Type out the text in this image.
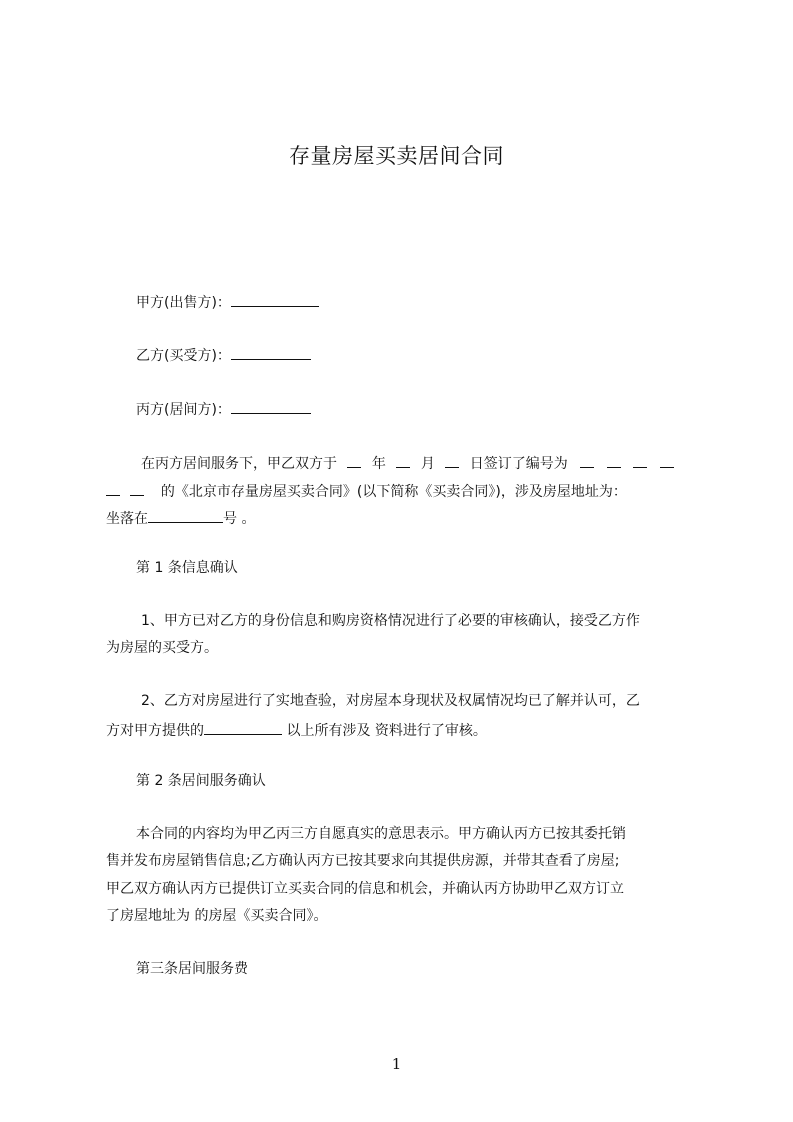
存量房屋买卖居间合同
甲方(出售方)：
乙方(买受方)：
丙方(居间方)：
在丙方居间服务下，甲乙双方于 年 月 日签订了编号为
的《北京市存量房屋买卖合同》(以下简称《买卖合同》)，涉及房屋地址为：
坐落在	号 。
第 1 条信息确认
1、甲方已对乙方的身份信息和购房资格情况进行了必要的审核确认，接受乙方作
为房屋的买受方。
2、乙方对房屋进行了实地查验，对房屋本身现状及权属情况均已了解并认可，乙
方对甲方提供的	以上所有涉及 资料进行了审核。
第 2 条居间服务确认
本合同的内容均为甲乙丙三方自愿真实的意思表示。甲方确认丙方已按其委托销
售并发布房屋销售信息;乙方确认丙方已按其要求向其提供房源，并带其查看了房屋;
甲乙双方确认丙方已提供订立买卖合同的信息和机会，并确认丙方协助甲乙双方订立
了房屋地址为 的房屋《买卖合同》。
第三条居间服务费
1
